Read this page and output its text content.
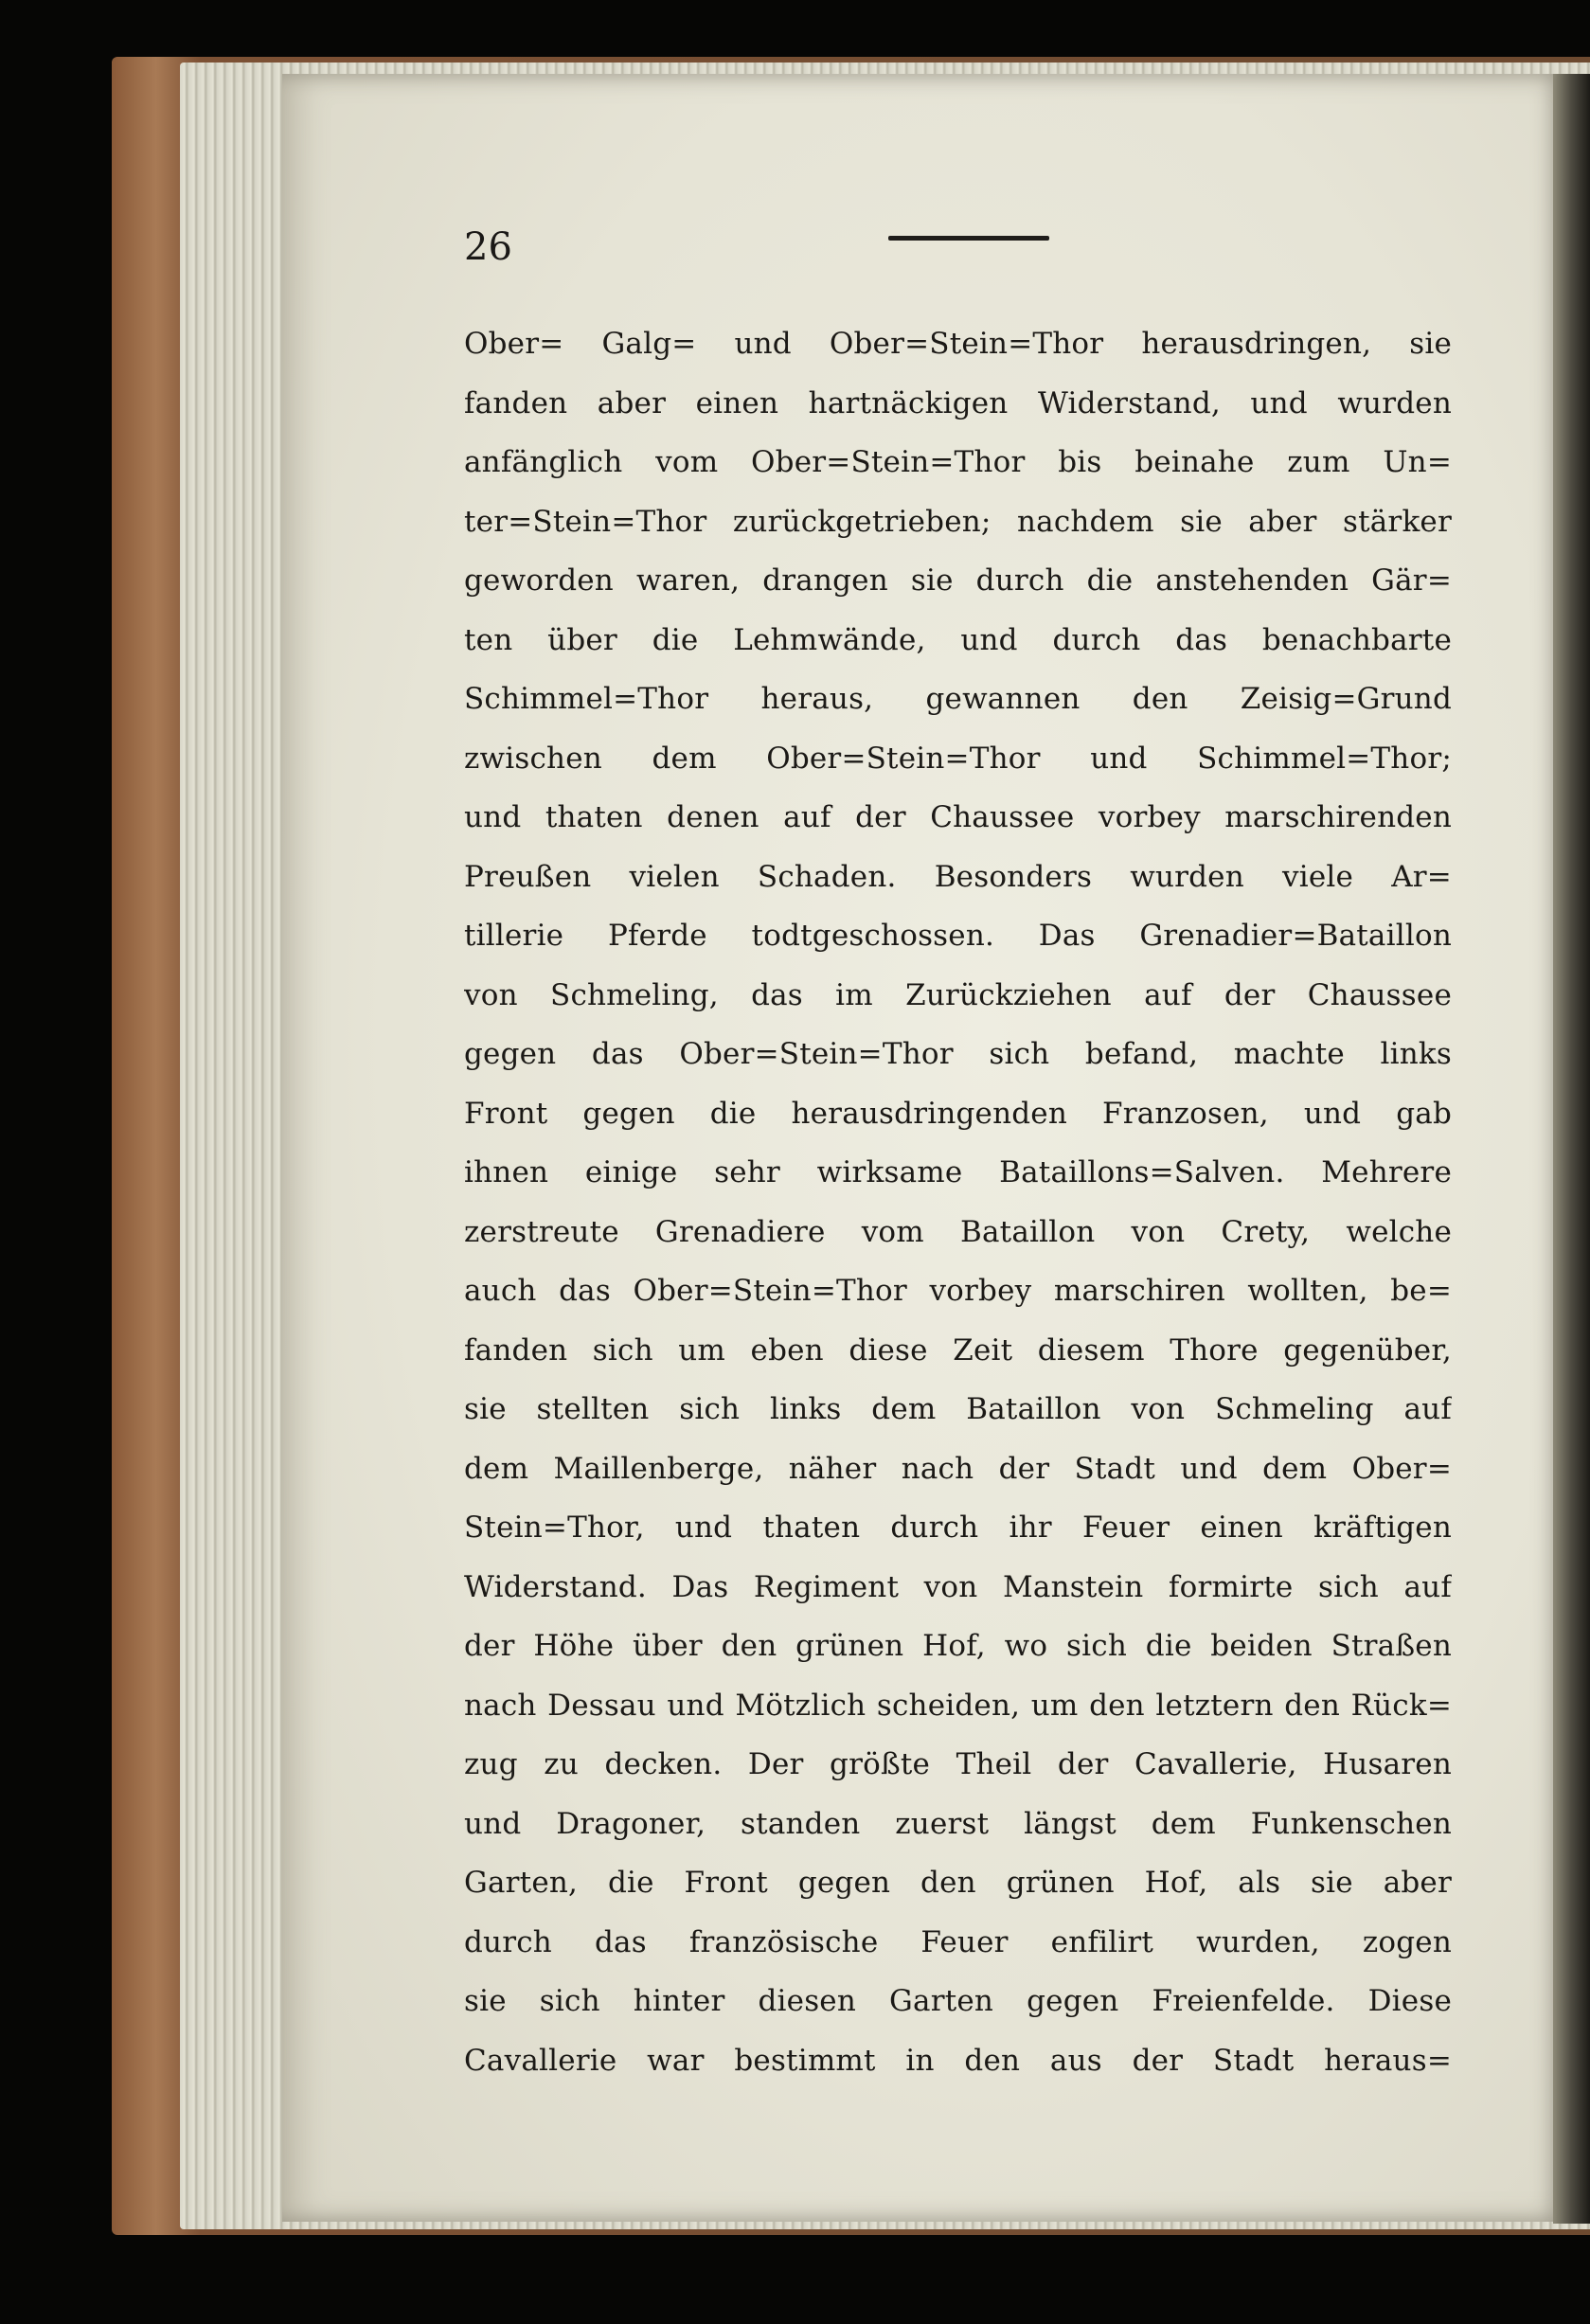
26

Ober= Galg= und Ober=Stein=Thor herausdringen, sie
fanden aber einen hartnäckigen Widerstand, und wurden
anfänglich vom Ober=Stein=Thor bis beinahe zum Un=
ter=Stein=Thor zurückgetrieben; nachdem sie aber stärker
geworden waren, drangen sie durch die anstehenden Gär=
ten über die Lehmwände, und durch das benachbarte
Schimmel=Thor heraus, gewannen den Zeisig=Grund
zwischen dem Ober=Stein=Thor und Schimmel=Thor;
und thaten denen auf der Chaussee vorbey marschirenden
Preußen vielen Schaden. Besonders wurden viele Ar=
tillerie Pferde todtgeschossen. Das Grenadier=Bataillon
von Schmeling, das im Zurückziehen auf der Chaussee
gegen das Ober=Stein=Thor sich befand, machte links
Front gegen die herausdringenden Franzosen, und gab
ihnen einige sehr wirksame Bataillons=Salven. Mehrere
zerstreute Grenadiere vom Bataillon von Crety, welche
auch das Ober=Stein=Thor vorbey marschiren wollten, be=
fanden sich um eben diese Zeit diesem Thore gegenüber,
sie stellten sich links dem Bataillon von Schmeling auf
dem Maillenberge, näher nach der Stadt und dem Ober=
Stein=Thor, und thaten durch ihr Feuer einen kräftigen
Widerstand. Das Regiment von Manstein formirte sich auf
der Höhe über den grünen Hof, wo sich die beiden Straßen
nach Dessau und Mötzlich scheiden, um den letztern den Rück=
zug zu decken. Der größte Theil der Cavallerie, Husaren
und Dragoner, standen zuerst längst dem Funkenschen
Garten, die Front gegen den grünen Hof, als sie aber
durch das französische Feuer enfilirt wurden, zogen
sie sich hinter diesen Garten gegen Freienfelde. Diese
Cavallerie war bestimmt in den aus der Stadt heraus=
